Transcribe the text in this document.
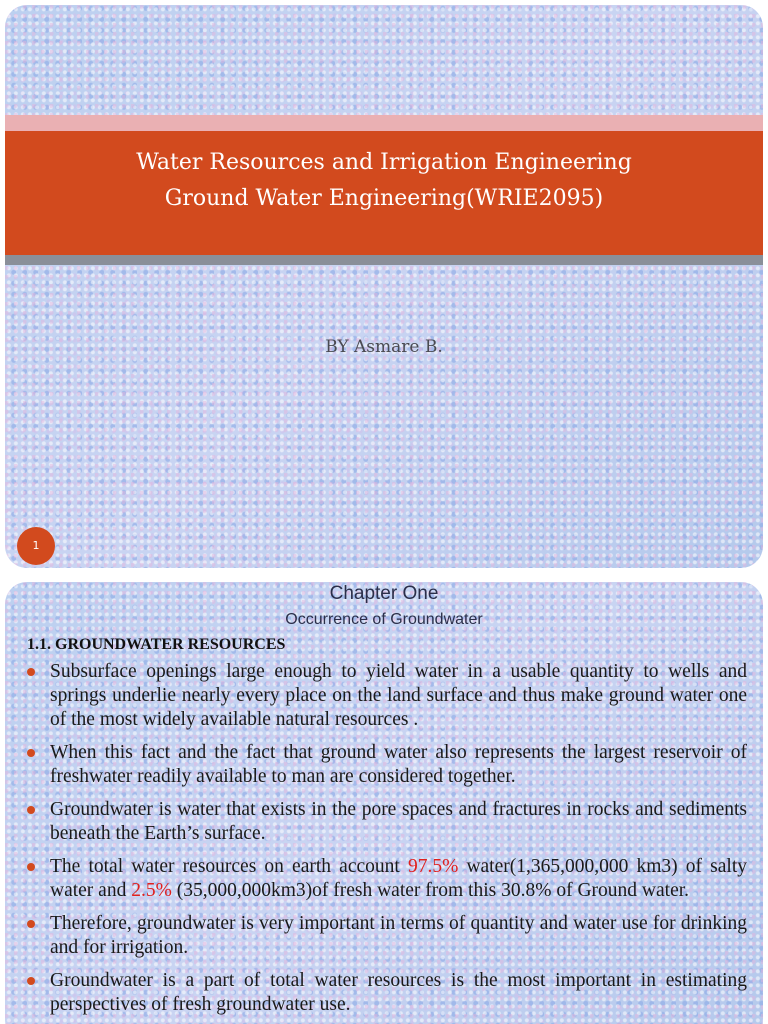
Water Resources and Irrigation Engineering
Ground Water Engineering(WRIE2095)
BY Asmare B.
1
Chapter One
Occurrence of Groundwater
1.1. GROUNDWATER RESOURCES
Subsurface openings large enough to yield water in a usable quantity to wells and springs underlie nearly every place on the land surface and thus make ground water one of the most widely available natural resources .
When this fact and the fact that ground water also represents the largest reservoir of freshwater readily available to man are considered together.
Groundwater is water that exists in the pore spaces and fractures in rocks and sediments beneath the Earth’s surface.
The total water resources on earth account 97.5% water(1,365,000,000 km3) of salty water and 2.5% (35,000,000km3)of fresh water from this 30.8% of Ground water.
Therefore, groundwater is very important in terms of quantity and water use for drinking and for irrigation.
Groundwater is a part of total water resources is the most important in estimating perspectives of fresh groundwater use.
